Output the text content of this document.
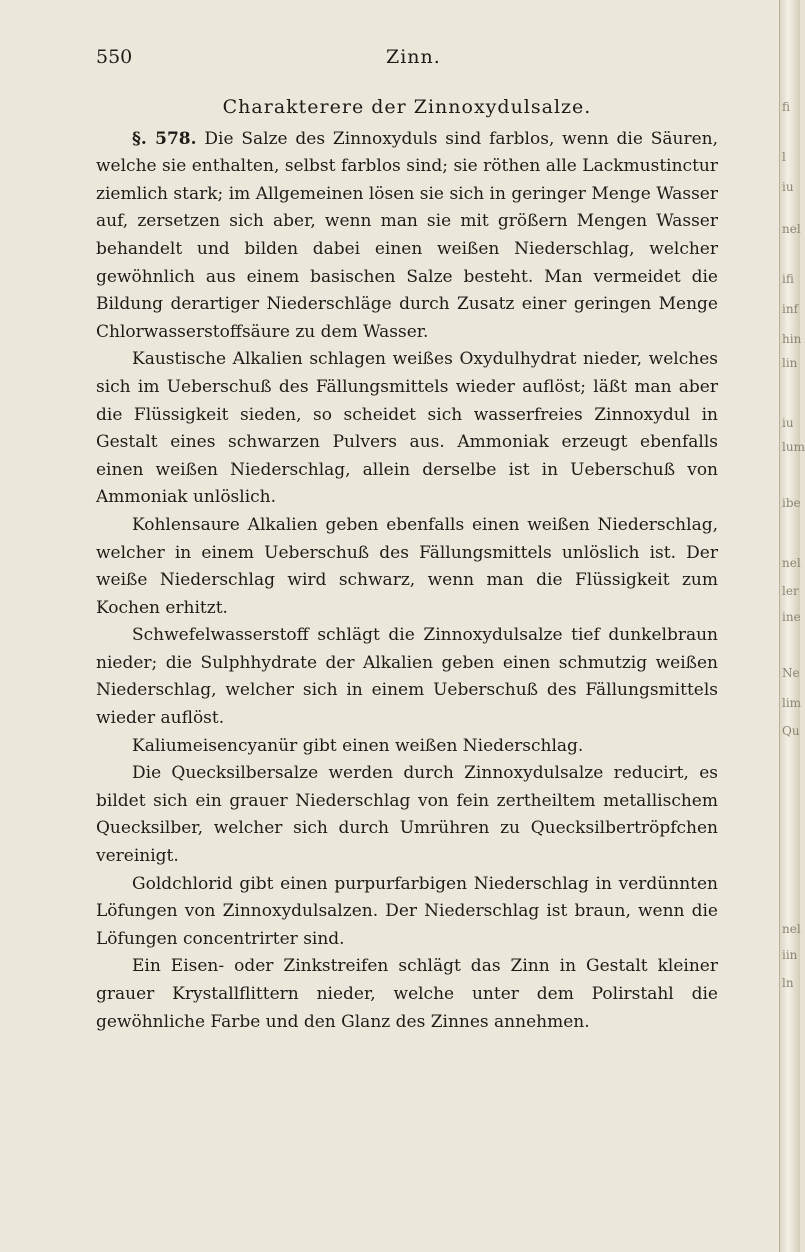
550	Zinn.
Charakterere der Zinnoxydulsalze.

§. 578. Die Salze des Zinnoxyduls sind farblos, wenn die Säuren, welche sie enthalten, selbst farblos sind; sie röthen alle Lackmustinctur ziemlich stark; im Allgemeinen lösen sie sich in geringer Menge Wasser auf, zersetzen sich aber, wenn man sie mit größern Mengen Wasser behandelt und bilden dabei einen weißen Niederschlag, welcher gewöhnlich aus einem basischen Salze besteht. Man vermeidet die Bildung derartiger Niederschläge durch Zusatz einer geringen Menge Chlorwasserstoffsäure zu dem Wasser.

Kaustische Alkalien schlagen weißes Oxydulhydrat nieder, welches sich im Ueberschuß des Fällungsmittels wieder auflöst; läßt man aber die Flüssigkeit sieden, so scheidet sich wasserfreies Zinnoxydul in Gestalt eines schwarzen Pulvers aus. Ammoniak erzeugt ebenfalls einen weißen Niederschlag, allein derselbe ist in Ueberschuß von Ammoniak unlöslich.

Kohlensaure Alkalien geben ebenfalls einen weißen Niederschlag, welcher in einem Ueberschuß des Fällungsmittels unlöslich ist. Der weiße Niederschlag wird schwarz, wenn man die Flüssigkeit zum Kochen erhitzt.

Schwefelwasserstoff schlägt die Zinnoxydulsalze tief dunkelbraun nieder; die Sulphhydrate der Alkalien geben einen schmutzig weißen Niederschlag, welcher sich in einem Ueberschuß des Fällungsmittels wieder auflöst.

Kaliumeisencyanür gibt einen weißen Niederschlag.

Die Quecksilbersalze werden durch Zinnoxydulsalze reducirt, es bildet sich ein grauer Niederschlag von fein zertheiltem metallischem Quecksilber, welcher sich durch Umrühren zu Quecksilbertröpfchen vereinigt.

Goldchlorid gibt einen purpurfarbigen Niederschlag in verdünnten Löfungen von Zinnoxydulsalzen. Der Niederschlag ist braun, wenn die Löfungen concentrirter sind.

Ein Eisen- oder Zinkstreifen schlägt das Zinn in Gestalt kleiner grauer Krystallflittern nieder, welche unter dem Polirstahl die gewöhnliche Farbe und den Glanz des Zinnes annehmen.

fi
l
iu
nel
ifi
inf
hin
lin
iu
lum
ibe
nel
ler
ine
Ne
lim
Qu
nel
iin
ln
